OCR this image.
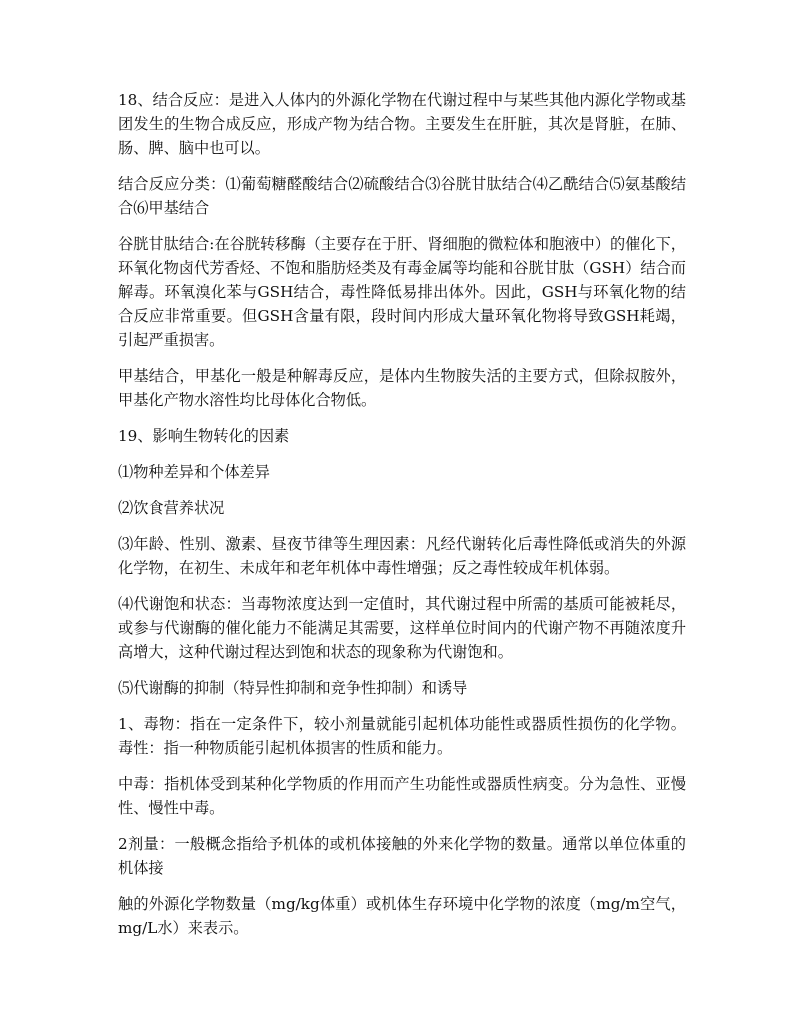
18、结合反应：是进入人体内的外源化学物在代谢过程中与某些其他内源化学物或基团发生的生物合成反应，形成产物为结合物。主要发生在肝脏，其次是肾脏，在肺、肠、脾、脑中也可以。

结合反应分类：⑴葡萄糖醛酸结合⑵硫酸结合⑶谷胱甘肽结合⑷乙酰结合⑸氨基酸结合⑹甲基结合

谷胱甘肽结合:在谷胱转移酶（主要存在于肝、肾细胞的微粒体和胞液中）的催化下，环氧化物卤代芳香烃、不饱和脂肪烃类及有毒金属等均能和谷胱甘肽（GSH）结合而解毒。环氧溴化苯与GSH结合，毒性降低易排出体外。因此，GSH与环氧化物的结合反应非常重要。但GSH含量有限，段时间内形成大量环氧化物将导致GSH耗竭，引起严重损害。

甲基结合，甲基化一般是种解毒反应，是体内生物胺失活的主要方式，但除叔胺外，甲基化产物水溶性均比母体化合物低。

19、影响生物转化的因素

⑴物种差异和个体差异

⑵饮食营养状况

⑶年龄、性别、激素、昼夜节律等生理因素：凡经代谢转化后毒性降低或消失的外源化学物，在初生、未成年和老年机体中毒性增强；反之毒性较成年机体弱。

⑷代谢饱和状态：当毒物浓度达到一定值时，其代谢过程中所需的基质可能被耗尽，或参与代谢酶的催化能力不能满足其需要，这样单位时间内的代谢产物不再随浓度升高增大，这种代谢过程达到饱和状态的现象称为代谢饱和。

⑸代谢酶的抑制（特异性抑制和竞争性抑制）和诱导

1、毒物：指在一定条件下，较小剂量就能引起机体功能性或器质性损伤的化学物。毒性：指一种物质能引起机体损害的性质和能力。

中毒：指机体受到某种化学物质的作用而产生功能性或器质性病变。分为急性、亚慢性、慢性中毒。

2剂量：一般概念指给予机体的或机体接触的外来化学物的数量。通常以单位体重的机体接

触的外源化学物数量（mg/kg体重）或机体生存环境中化学物的浓度（mg/m空气，mg/L水）来表示。
